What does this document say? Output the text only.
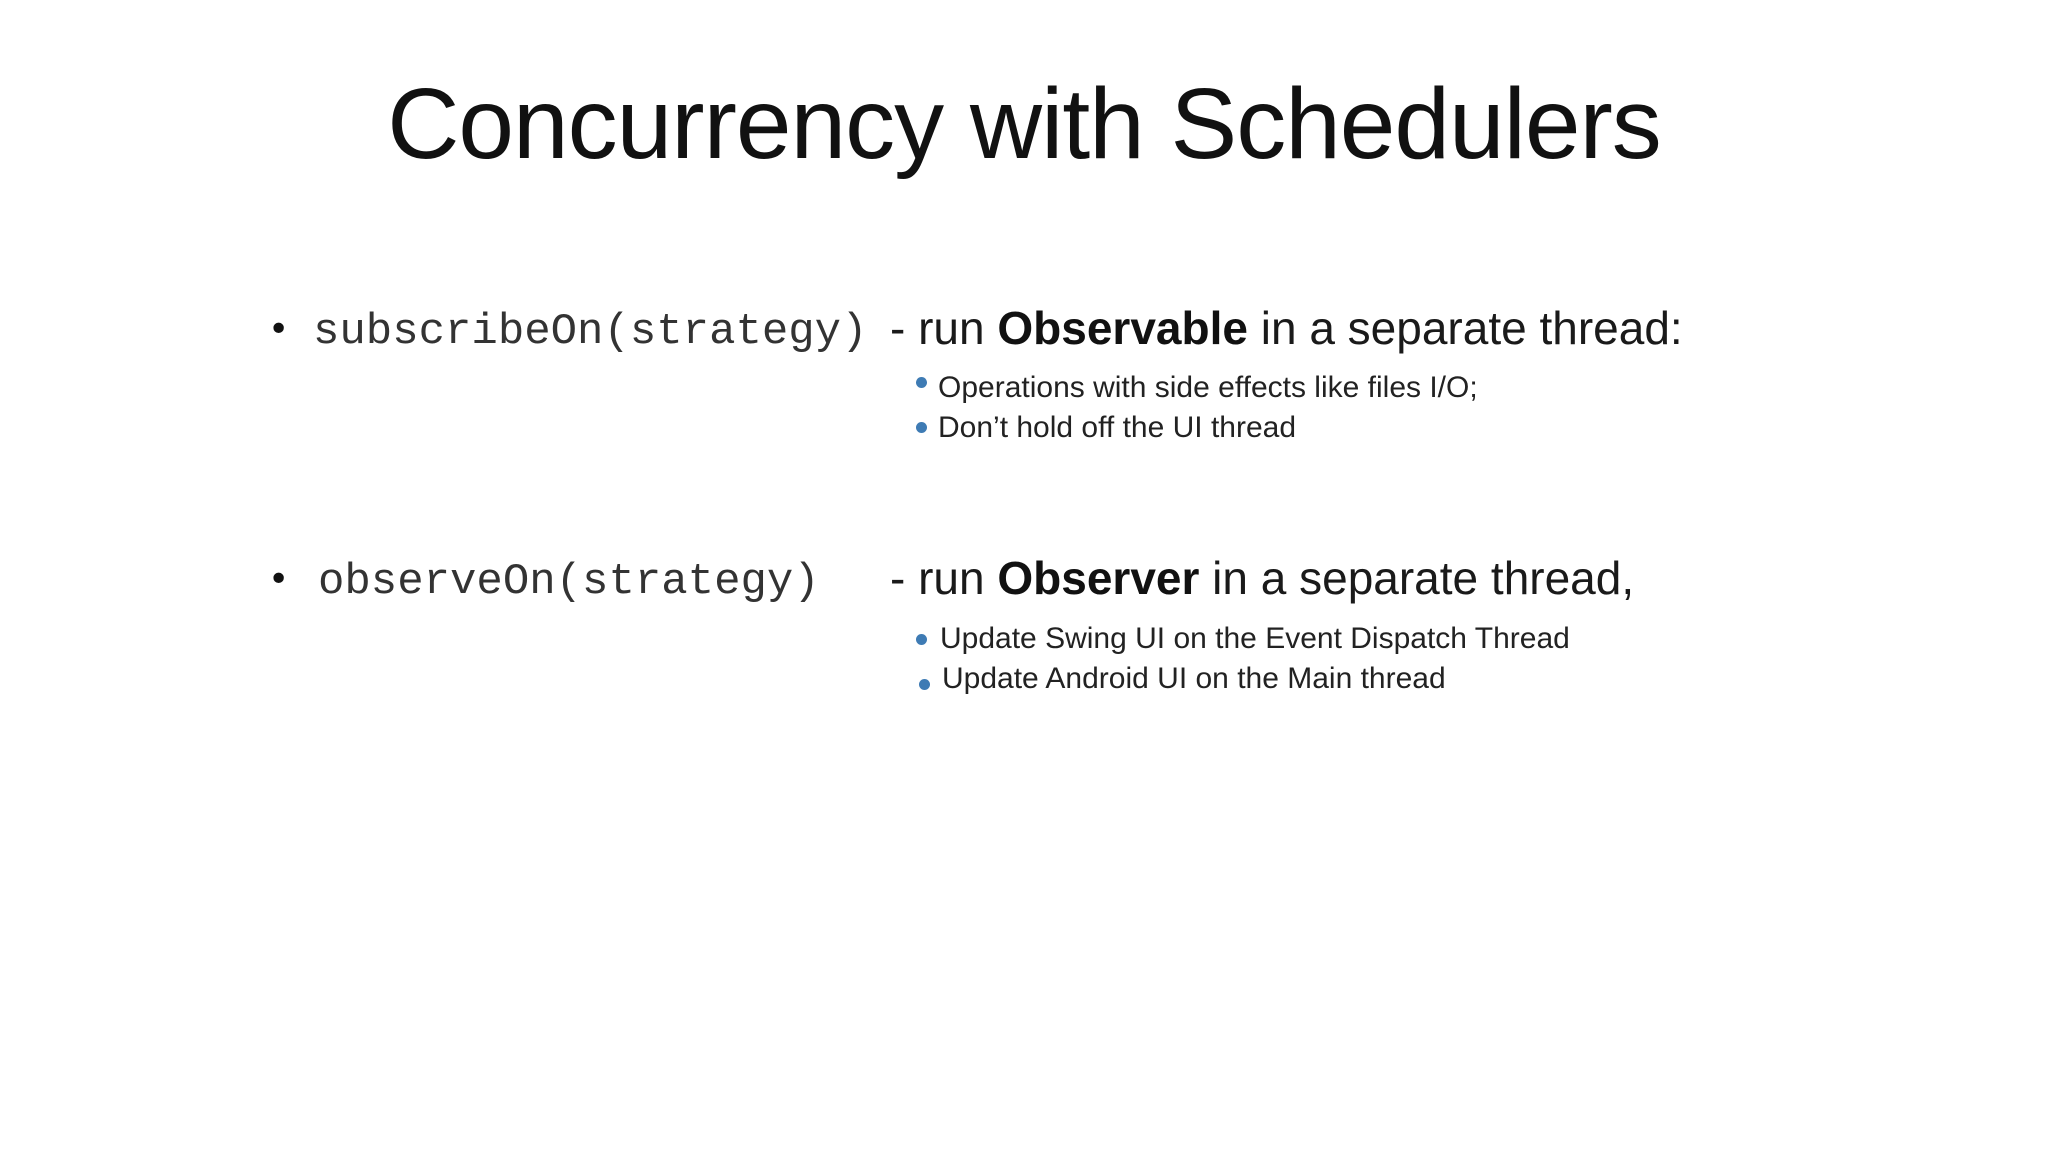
Concurrency with Schedulers
• subscribeOn(strategy) - run Observable in a separate thread:
Operations with side effects like files I/O;
Don’t hold off the UI thread
• observeOn(strategy) - run Observer in a separate thread,
Update Swing UI on the Event Dispatch Thread
Update Android UI on the Main thread
